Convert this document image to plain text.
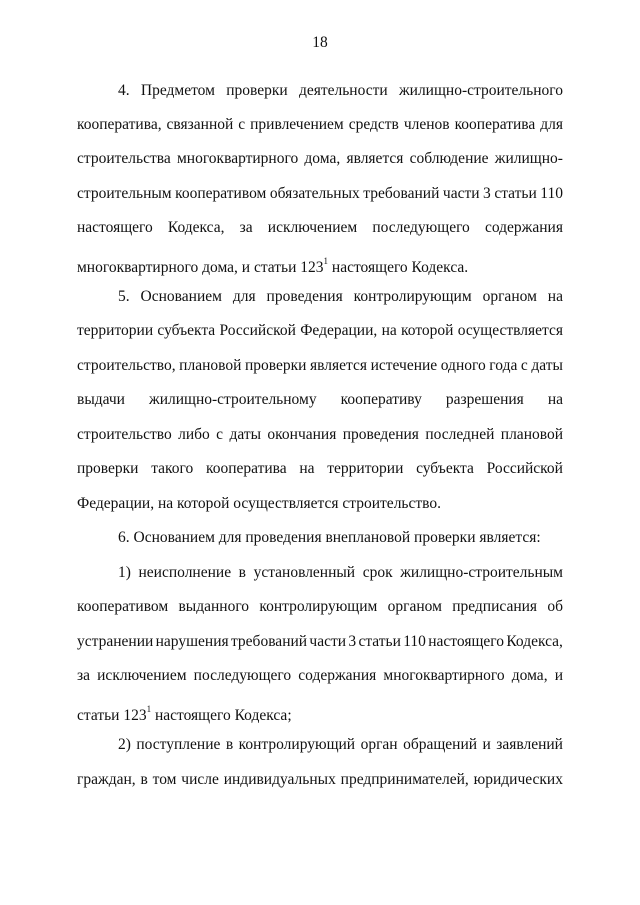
18
4. Предметом проверки деятельности жилищно-строительного
кооператива, связанной с привлечением средств членов кооператива для
строительства многоквартирного дома, является соблюдение жилищно-
строительным кооперативом обязательных требований части 3 статьи 110
настоящего Кодекса, за исключением последующего содержания
многоквартирного дома, и статьи $123^1$ настоящего Кодекса.
5. Основанием для проведения контролирующим органом на
территории субъекта Российской Федерации, на которой осуществляется
строительство, плановой проверки является истечение одного года с даты
выдачи жилищно-строительному кооперативу разрешения на
строительство либо с даты окончания проведения последней плановой
проверки такого кооператива на территории субъекта Российской
Федерации, на которой осуществляется строительство.
6. Основанием для проведения внеплановой проверки является:
1) неисполнение в установленный срок жилищно-строительным
кооперативом выданного контролирующим органом предписания об
устранении нарушения требований части 3 статьи 110 настоящего Кодекса,
за исключением последующего содержания многоквартирного дома, и
статьи $123^1$ настоящего Кодекса;
2) поступление в контролирующий орган обращений и заявлений
граждан, в том числе индивидуальных предпринимателей, юридических
